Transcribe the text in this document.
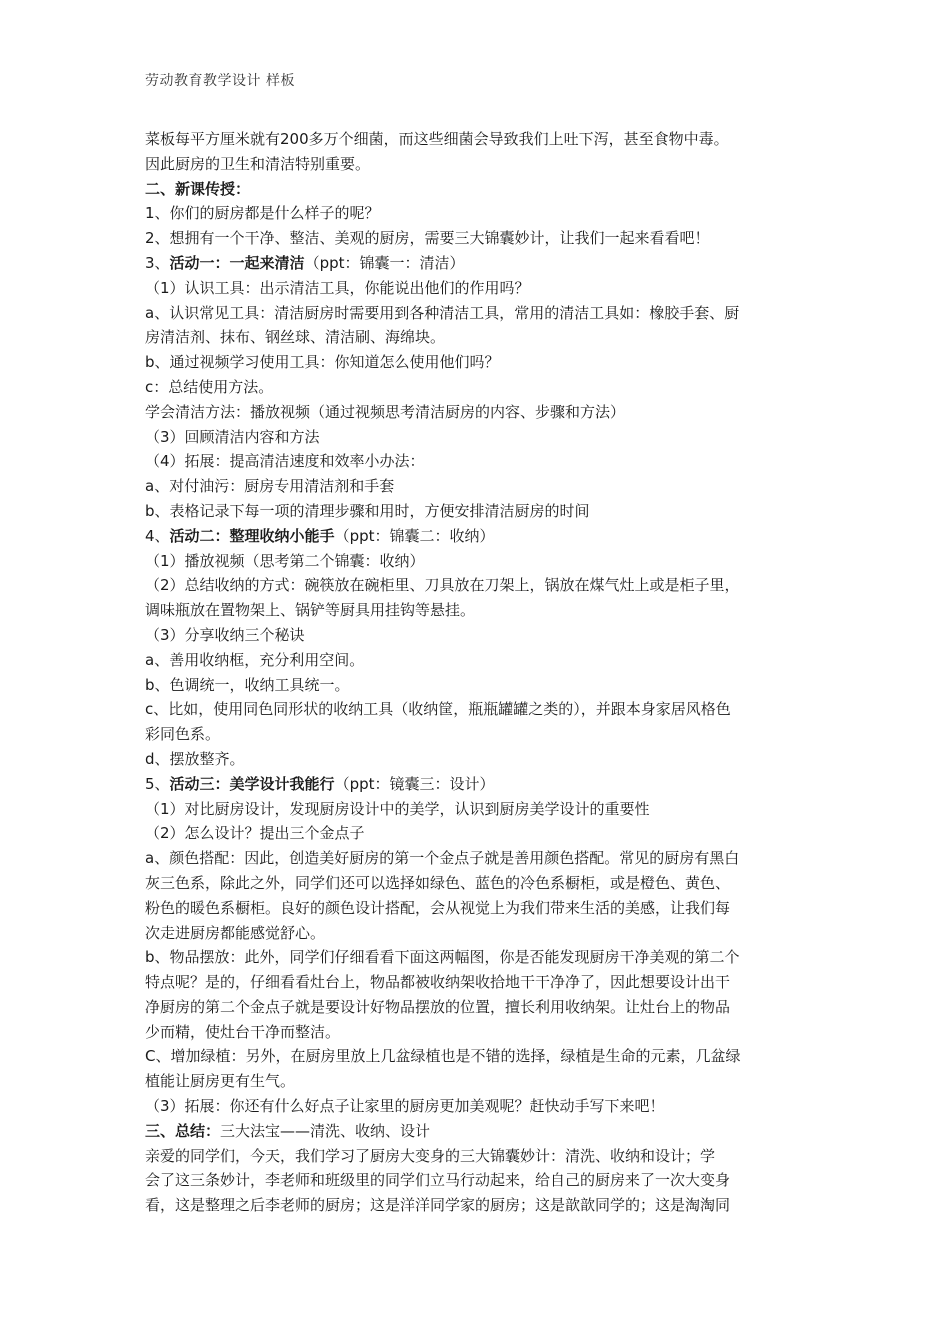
劳动教育教学设计 样板
菜板每平方厘米就有200多万个细菌，而这些细菌会导致我们上吐下泻，甚至食物中毒。
因此厨房的卫生和清洁特别重要。
二、新课传授：
1、你们的厨房都是什么样子的呢？
2、想拥有一个干净、整洁、美观的厨房，需要三大锦囊妙计，让我们一起来看看吧！
3、活动一：一起来清洁（ppt：锦囊一：清洁）
（1）认识工具：出示清洁工具，你能说出他们的作用吗？
a、认识常见工具：清洁厨房时需要用到各种清洁工具，常用的清洁工具如：橡胶手套、厨
房清洁剂、抹布、钢丝球、清洁刷、海绵块。
b、通过视频学习使用工具：你知道怎么使用他们吗？
c：总结使用方法。
学会清洁方法：播放视频（通过视频思考清洁厨房的内容、步骤和方法）
（3）回顾清洁内容和方法
（4）拓展：提高清洁速度和效率小办法：
a、对付油污：厨房专用清洁剂和手套
b、表格记录下每一项的清理步骤和用时，方便安排清洁厨房的时间
4、活动二：整理收纳小能手（ppt：锦囊二：收纳）
（1）播放视频（思考第二个锦囊：收纳）
（2）总结收纳的方式：碗筷放在碗柜里、刀具放在刀架上，锅放在煤气灶上或是柜子里，
调味瓶放在置物架上、锅铲等厨具用挂钩等悬挂。
（3）分享收纳三个秘诀
a、善用收纳框，充分利用空间。
b、色调统一，收纳工具统一。
c、比如，使用同色同形状的收纳工具（收纳筐，瓶瓶罐罐之类的），并跟本身家居风格色
彩同色系。
d、摆放整齐。
5、活动三：美学设计我能行（ppt：镜囊三：设计）
（1）对比厨房设计，发现厨房设计中的美学，认识到厨房美学设计的重要性
（2）怎么设计？提出三个金点子
a、颜色搭配：因此，创造美好厨房的第一个金点子就是善用颜色搭配。常见的厨房有黑白
灰三色系，除此之外，同学们还可以选择如绿色、蓝色的冷色系橱柜，或是橙色、黄色、
粉色的暖色系橱柜。良好的颜色设计搭配，会从视觉上为我们带来生活的美感，让我们每
次走进厨房都能感觉舒心。
b、物品摆放：此外，同学们仔细看看下面这两幅图，你是否能发现厨房干净美观的第二个
特点呢？是的，仔细看看灶台上，物品都被收纳架收拾地干干净净了，因此想要设计出干
净厨房的第二个金点子就是要设计好物品摆放的位置，擅长利用收纳架。让灶台上的物品
少而精，使灶台干净而整洁。
C、增加绿植：另外，在厨房里放上几盆绿植也是不错的选择，绿植是生命的元素，几盆绿
植能让厨房更有生气。
（3）拓展：你还有什么好点子让家里的厨房更加美观呢？赶快动手写下来吧！
三、总结：三大法宝——清洗、收纳、设计
亲爱的同学们，今天，我们学习了厨房大变身的三大锦囊妙计：清洗、收纳和设计；学
会了这三条妙计，李老师和班级里的同学们立马行动起来，给自己的厨房来了一次大变身
看，这是整理之后李老师的厨房；这是洋洋同学家的厨房；这是歆歆同学的；这是淘淘同
